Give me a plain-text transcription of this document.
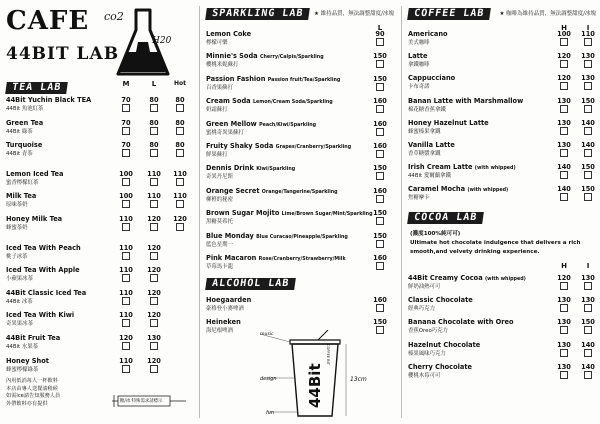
CAFE
44BIT LAB
co2
H20
TEA LAB	M	L	Hot
44Bit Yuchin Black TEA
44Bit 魚池紅茶
70	80	80
Green Tea
44Bit 綠茶
70	80	80
Turquoise
44Bit 青茶
70	80	80
Lemon Iced Tea
蜜香檸檬紅茶
100 110 110
Milk Tea
原味茶奶
100 110 110
Honey Milk Tea
蜂蜜茶奶
110 120 120
Iced Tea With Peach
桃子冰茶
110 120
Iced Tea With Apple
小蘋果冰茶
110 120
44Bit Classic Iced Tea
44Bit 冰茶
110 120
Iced Tea With Kiwi
奇異果冰茶
110 120
44Bit Fruit Tea
44Bit 水果茶
120 130
Honey Shot
蜂蜜檸檬綠茶
110 120
內用低消每人一杯飲料
本店由專人送餐請稍候
如需ice請告知服務人員
外帶飲料亦有提供	糖/冰 特殊需求請標示
SPARKLING LAB	★ 維持品質，無法調整甜度/冰塊
L
Lemon Coke
檸檬可樂
90
Minnie's Soda Cherry/Calpis/Sparkling
櫻桃米妮蘇打
150
Passion Fashion Passion fruit/Tea/Sparkling
百香果蘇打
150
Cream Soda Lemon/Cream Soda/Sparkling
奶霜蘇打
160
Green Mellow Peach/Kiwi/Sparkling
蜜桃奇異果蘇打
160
Fruity Shaky Soda Grapes/Cranberry/Sparkling
鮮果蘇打
160
Dennis Drink Kiwi/Sparkling
奇異丹尼斯
150
Orange Secret Orange/Tangerine/Sparkling
柳橙的秘密
160
Brown Sugar Mojito Lime/Brown Sugar/Mint/Sparkling
黑糖莫希托
150
Blue Monday Blue Curacao/Pineapple/Sparkling
藍色星期一
150
Pink Macaron Rose/Cranberry/Strawberry/Milk
草莓馬卡龍
160
ALCOHOL LAB
Hoegaarden
豪格登小麥啤酒
160
Heineken
海尼根啤酒
150
music
design
fun
13cm
44Bit
COFFEE BIT
COFFEE LAB	★ 咖啡為維持品質，無法調整甜度/冰塊
H	I
Americano
美式咖啡
100 110
Latte
拿鐵咖啡
120 130
Cappucciano
卡布奇諾
120 130
Banan Latte with Marshmallow
棉花糖香蕉拿鐵
130 150
Honey Hazelnut Latte
蜂蜜榛果拿鐵
130 140
Vanilla Latte
香草糖漿拿鐵
130 140
Irish Cream Latte (with whipped)
44Bit 愛爾蘭拿鐵
140 150
Caramel Mocha (with whipped)
焦糖摩卡
140 150
COCOA LAB
(濃度100%純可可)
Ultimate hot chocolate indulgence that delivers a rich smooth,and velvety drinking experience.
H	I
44Bit Creamy Cocoa (with whipped)
鮮奶油熱可可
120 130
Classic Chocolate
經典巧克力
130 130
Banana Chocolate with Oreo
香蕉Oreo巧克力
130 150
Hazelnut Chocolate
榛果風味巧克力
130 140
Cherry Chocolate
櫻桃木莓可可
130 140
